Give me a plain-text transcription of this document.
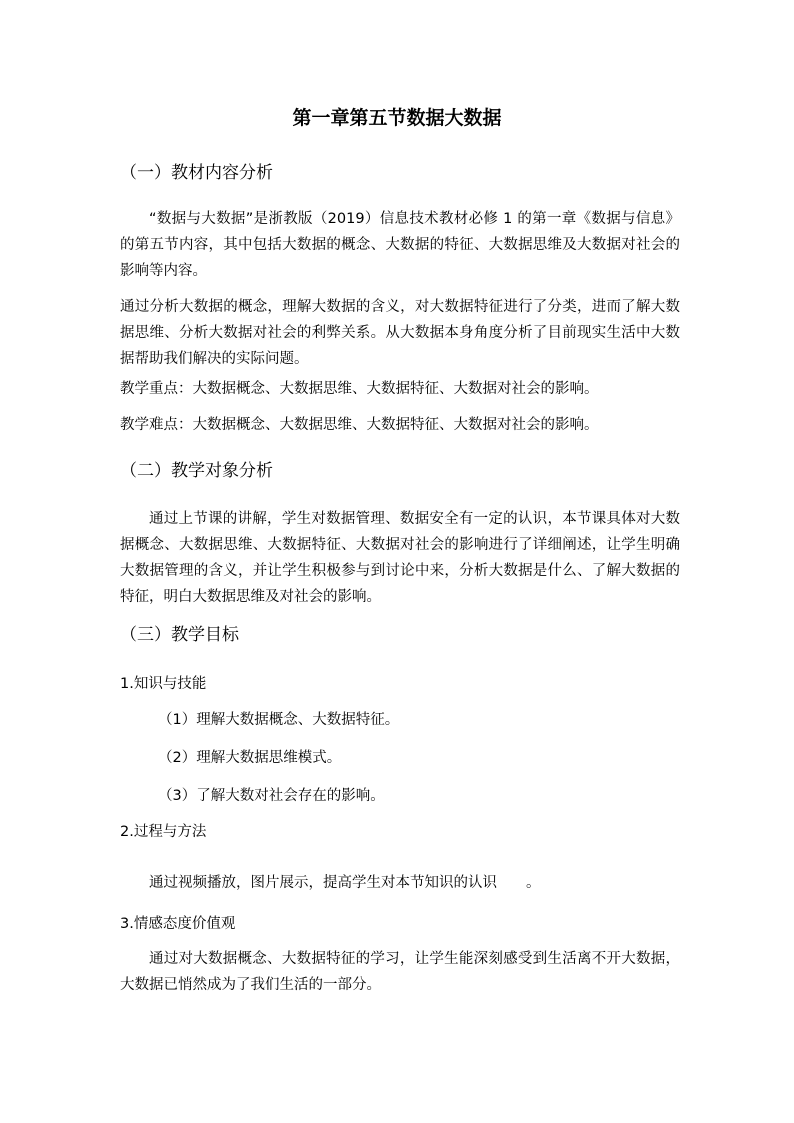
第一章第五节数据大数据
（一）教材内容分析
“数据与大数据”是浙教版（2019）信息技术教材必修 1 的第一章《数据与信息》的第五节内容，其中包括大数据的概念、大数据的特征、大数据思维及大数据对社会的影响等内容。
通过分析大数据的概念，理解大数据的含义，对大数据特征进行了分类，进而了解大数据思维、分析大数据对社会的利弊关系。从大数据本身角度分析了目前现实生活中大数据帮助我们解决的实际问题。
教学重点：大数据概念、大数据思维、大数据特征、大数据对社会的影响。
教学难点：大数据概念、大数据思维、大数据特征、大数据对社会的影响。
（二）教学对象分析
通过上节课的讲解，学生对数据管理、数据安全有一定的认识，本节课具体对大数据概念、大数据思维、大数据特征、大数据对社会的影响进行了详细阐述，让学生明确大数据管理的含义，并让学生积极参与到讨论中来，分析大数据是什么、了解大数据的特征，明白大数据思维及对社会的影响。
（三）教学目标
1.知识与技能
（1）理解大数据概念、大数据特征。
（2）理解大数据思维模式。
（3）了解大数对社会存在的影响。
2.过程与方法
通过视频播放，图片展示，提高学生对本节知识的认识　　。
3.情感态度价值观
通过对大数据概念、大数据特征的学习，让学生能深刻感受到生活离不开大数据，大数据已悄然成为了我们生活的一部分。
